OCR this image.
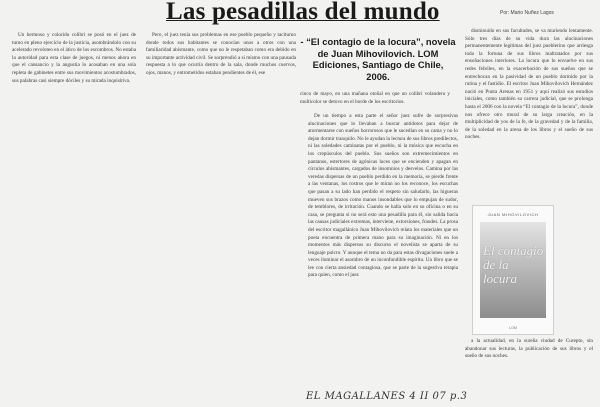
Las pesadillas del mundo	Por: Mario Nuñez Lagos

Un hermoso y colorido colibrí se posó en el juez de turno en pleno ejercicio de la justicia, asombrándolo con su acelerado revoloteo en el ático de los escombros. No estaba la autoridad para esta clase de juegos, ni menos ahora en que el cansancio y la angustia lo acosaban en una sola repleta de gabinetes entre sus movimientos acostumbrados, sus palabras casi siempre dóciles y su mirada inquisitiva.

Pero, el juez tenía sus problemas en ese pueblo pequeño y taciturno donde todos sus habitantes se conocían unos a otros con una familiaridad abismante, como que no le respetaban como era debido en su importante actividad civil. Se sorprendió a sí mismo con una pausada respuesta a lo que ocurría dentro de la sala, donde muchos cuervos, ojos, manos, y entrometidos estaban pendientes de él, ese

- “El contagio de la locura”, novela de Juan Mihovilovich. LOM Ediciones, Santiago de Chile, 2006.
cinco de mayo, en una mañana otoñal en que un colibrí volandero y multicolor se detuvo en el borde de los escritorios.

De un tiempo a esta parte el señor juez sufre de sorpresivas alucinaciones que lo llevaban a buscar antídotos para dejar de atormentarse con sueños horrorosos que le sucedían en su cama y no lo dejan dormir tranquilo. No le ayudan la lectura de sus libros predilectos, ni las soledades caminatas por el pueblo, ni la música que escucha en los crepúsculos del pueblo. Sus sueños son extremecimientos en pantanos, estertores de agónicas luces que se encienden y apagan en círculos abismantes, cargados de insomnios y desvelos. Camina por las veredas dispersas de un pueblo perdido en la memoria, se pierde frente a las ventanas, los rostros que le miran no los reconoce, los escuchas que pasan a su lado han perdido el respeto sin saludarlo, las higueras mueven sus brazos como manos insondables que lo empujan de sudor, de temblores, de irritación. Cuando se halla solo en su oficina o en su casa, se pregunta si no será esto una pesadilla para él, sin salida hacia las causas judiciales extremas, interviene, extorsiones, fraudes. La prosa del escritor magallánico Juan Mihovilovich relata los materiales que un poeta encuentra de primera mano para su imaginación. Ni en los momentos más dispersos su discurso el novelista se aparta de su lenguaje pulcro. Y aunque el tema no da para estas divagaciones suele a veces iluminar el asombro de un inconfundible espíritu. Un libro que se lee con cierta ansiedad contagiosa, que se parte de la sugestiva terapia para quien, como el juez

disminuido en sus facultades, se va muriendo lentamente. Sólo tres días de su vida dura las alucinaciones permanentemente legítimas del juez pueblerino que arriesga toda la fortuna de sus libros maltratados por sus ensoñaciones interiores. La locura que lo envuelve en sus redes febriles, en la exacerbación de sus sueños que se entrechocan en la pasividad de un pueblo dormido por la rutina y el fastidio. El escritor Juan Mihovilovich Hernández nació en Punta Arenas en 1951 y aquí realizó sus estudios iniciales, como también su carrera judicial, que se prolonga hasta el 2006 con la novela “El contagio de la locura”, donde nos ofrece otro mural de su larga creación, en la multiplicidad de yos de la fe, de la gravedad y de la familia, de la soledad en la arena de los libros y el sueño de sus noches.

JUAN MIHOVILOVICH
El contagio de la locura
LOM

a la actualidad, en la sureña ciudad de Curepto, sin abandonar sus lecturas, la publicación de sus libros y el sueño de sus noches.

EL MAGALLANES 4 II 07 p.3
